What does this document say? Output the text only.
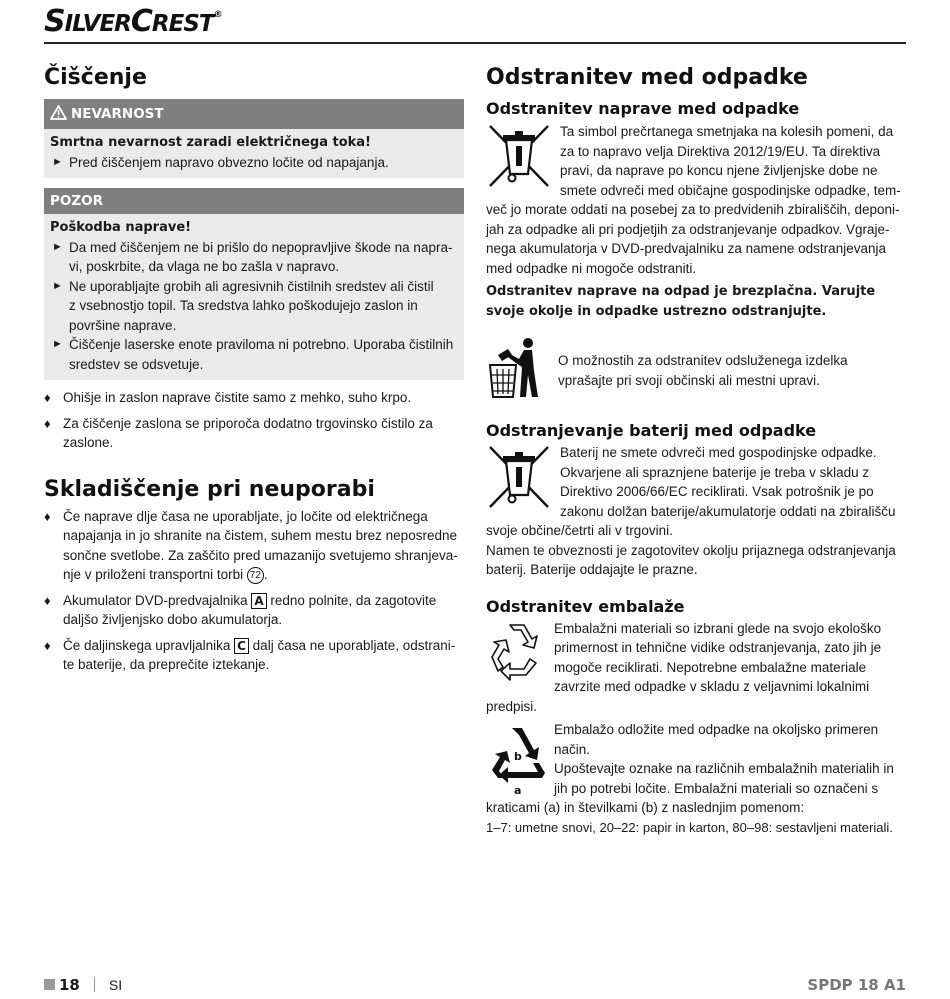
SILVERCREST®
Čiščenje
NEVARNOST
Smrtna nevarnost zaradi električnega toka!
► Pred čiščenjem napravo obvezno ločite od napajanja.
POZOR
Poškodba naprave!
► Da med čiščenjem ne bi prišlo do nepopravljive škode na naprа-
vi, poskrbite, da vlaga ne bo zašla v napravo.
► Ne uporabljajte grobih ali agresivnih čistilnih sredstev ali čistil
z vsebnostjo topil. Ta sredstva lahko poškodujejo zaslon in
površine naprave.
► Čiščenje laserske enote praviloma ni potrebno. Uporaba čistilnih
sredstev se odsvetuje.
♦ Ohišje in zaslon naprave čistite samo z mehko, suho krpo.
♦ Za čiščenje zaslona se priporoča dodatno trgovinsko čistilo za
zaslone.
Skladiščenje pri neuporabi
♦ Če naprave dlje časa ne uporabljate, jo ločite od električnega
napajanja in jo shranite na čistem, suhem mestu brez neposredne
sončne svetlobe. Za zaščito pred umazanijo svetujemo shranjeva-
nje v priloženi transportni torbi 72 .
♦ Akumulator DVD-predvajalnika A redno polnite, da zagotovite
daljšo življenjsko dobo akumulatorja.
♦ Če daljinskega upravljalnika C dalj časa ne uporabljate, odstrani-
te baterije, da preprečite iztekanje.
Odstranitev med odpadke
Odstranitev naprave med odpadke

Ta simbol prečrtanega smetnjaka na kolesih pomeni, da za to napravo velja Direktiva 2012/19/EU. Ta direktiva pravi, da naprave po koncu njene življenjske dobe ne smete odvreči med običajne gospodinjske odpadke, tem-več jo morate oddati na posebej za to predvidenih zbirališčih, deponi-jah za odpadke ali pri podjetjih za odstranjevanje odpadkov. Vgraje-nega akumulatorja v DVD-predvajalniku za namene odstranjevanja med odpadke ni mogoče odstraniti.

Odstranitev naprave na odpad je brezplačna. Varujte svoje okolje in odpadke ustrezno odstranjujte.

O možnostih za odstranitev odsluženega izdelka
vprašajte pri svoji občinski ali mestni upravi.

Odstranjevanje baterij med odpadke

Baterij ne smete odvreči med gospodinjske odpadke. Okvarjene ali spraznjene baterije je treba v skladu z Direktivo 2006/66/EC reciklirati. Vsak potrošnik je po zakonu dolžan baterije/akumulatorje oddati na zbirališču svoje občine/četrti ali v trgovini.

Namen te obveznosti je zagotovitev okolju prijaznega odstranjevanja baterij. Baterije oddajajte le prazne.

Odstranitev embalaže

Embalažni materiali so izbrani glede na svojo ekološko primernost in tehnične vidike odstranjevanja, zato jih je mogoče reciklirati. Nepotrebne embalažne materiale zavrzite med odpadke v skladu z veljavnimi lokalnimi predpisi.

b
a

Embalažo odložite med odpadke na okoljsko primeren način.
Upoštevajte oznake na različnih embalažnih materialih in jih po potrebi ločite. Embalažni materiali so označeni s kraticami (a) in številkami (b) z naslednjim pomenom:

1–7: umetne snovi, 20–22: papir in karton, 80–98: sestavljeni materiali.

18 SI	SPDP 18 A1
